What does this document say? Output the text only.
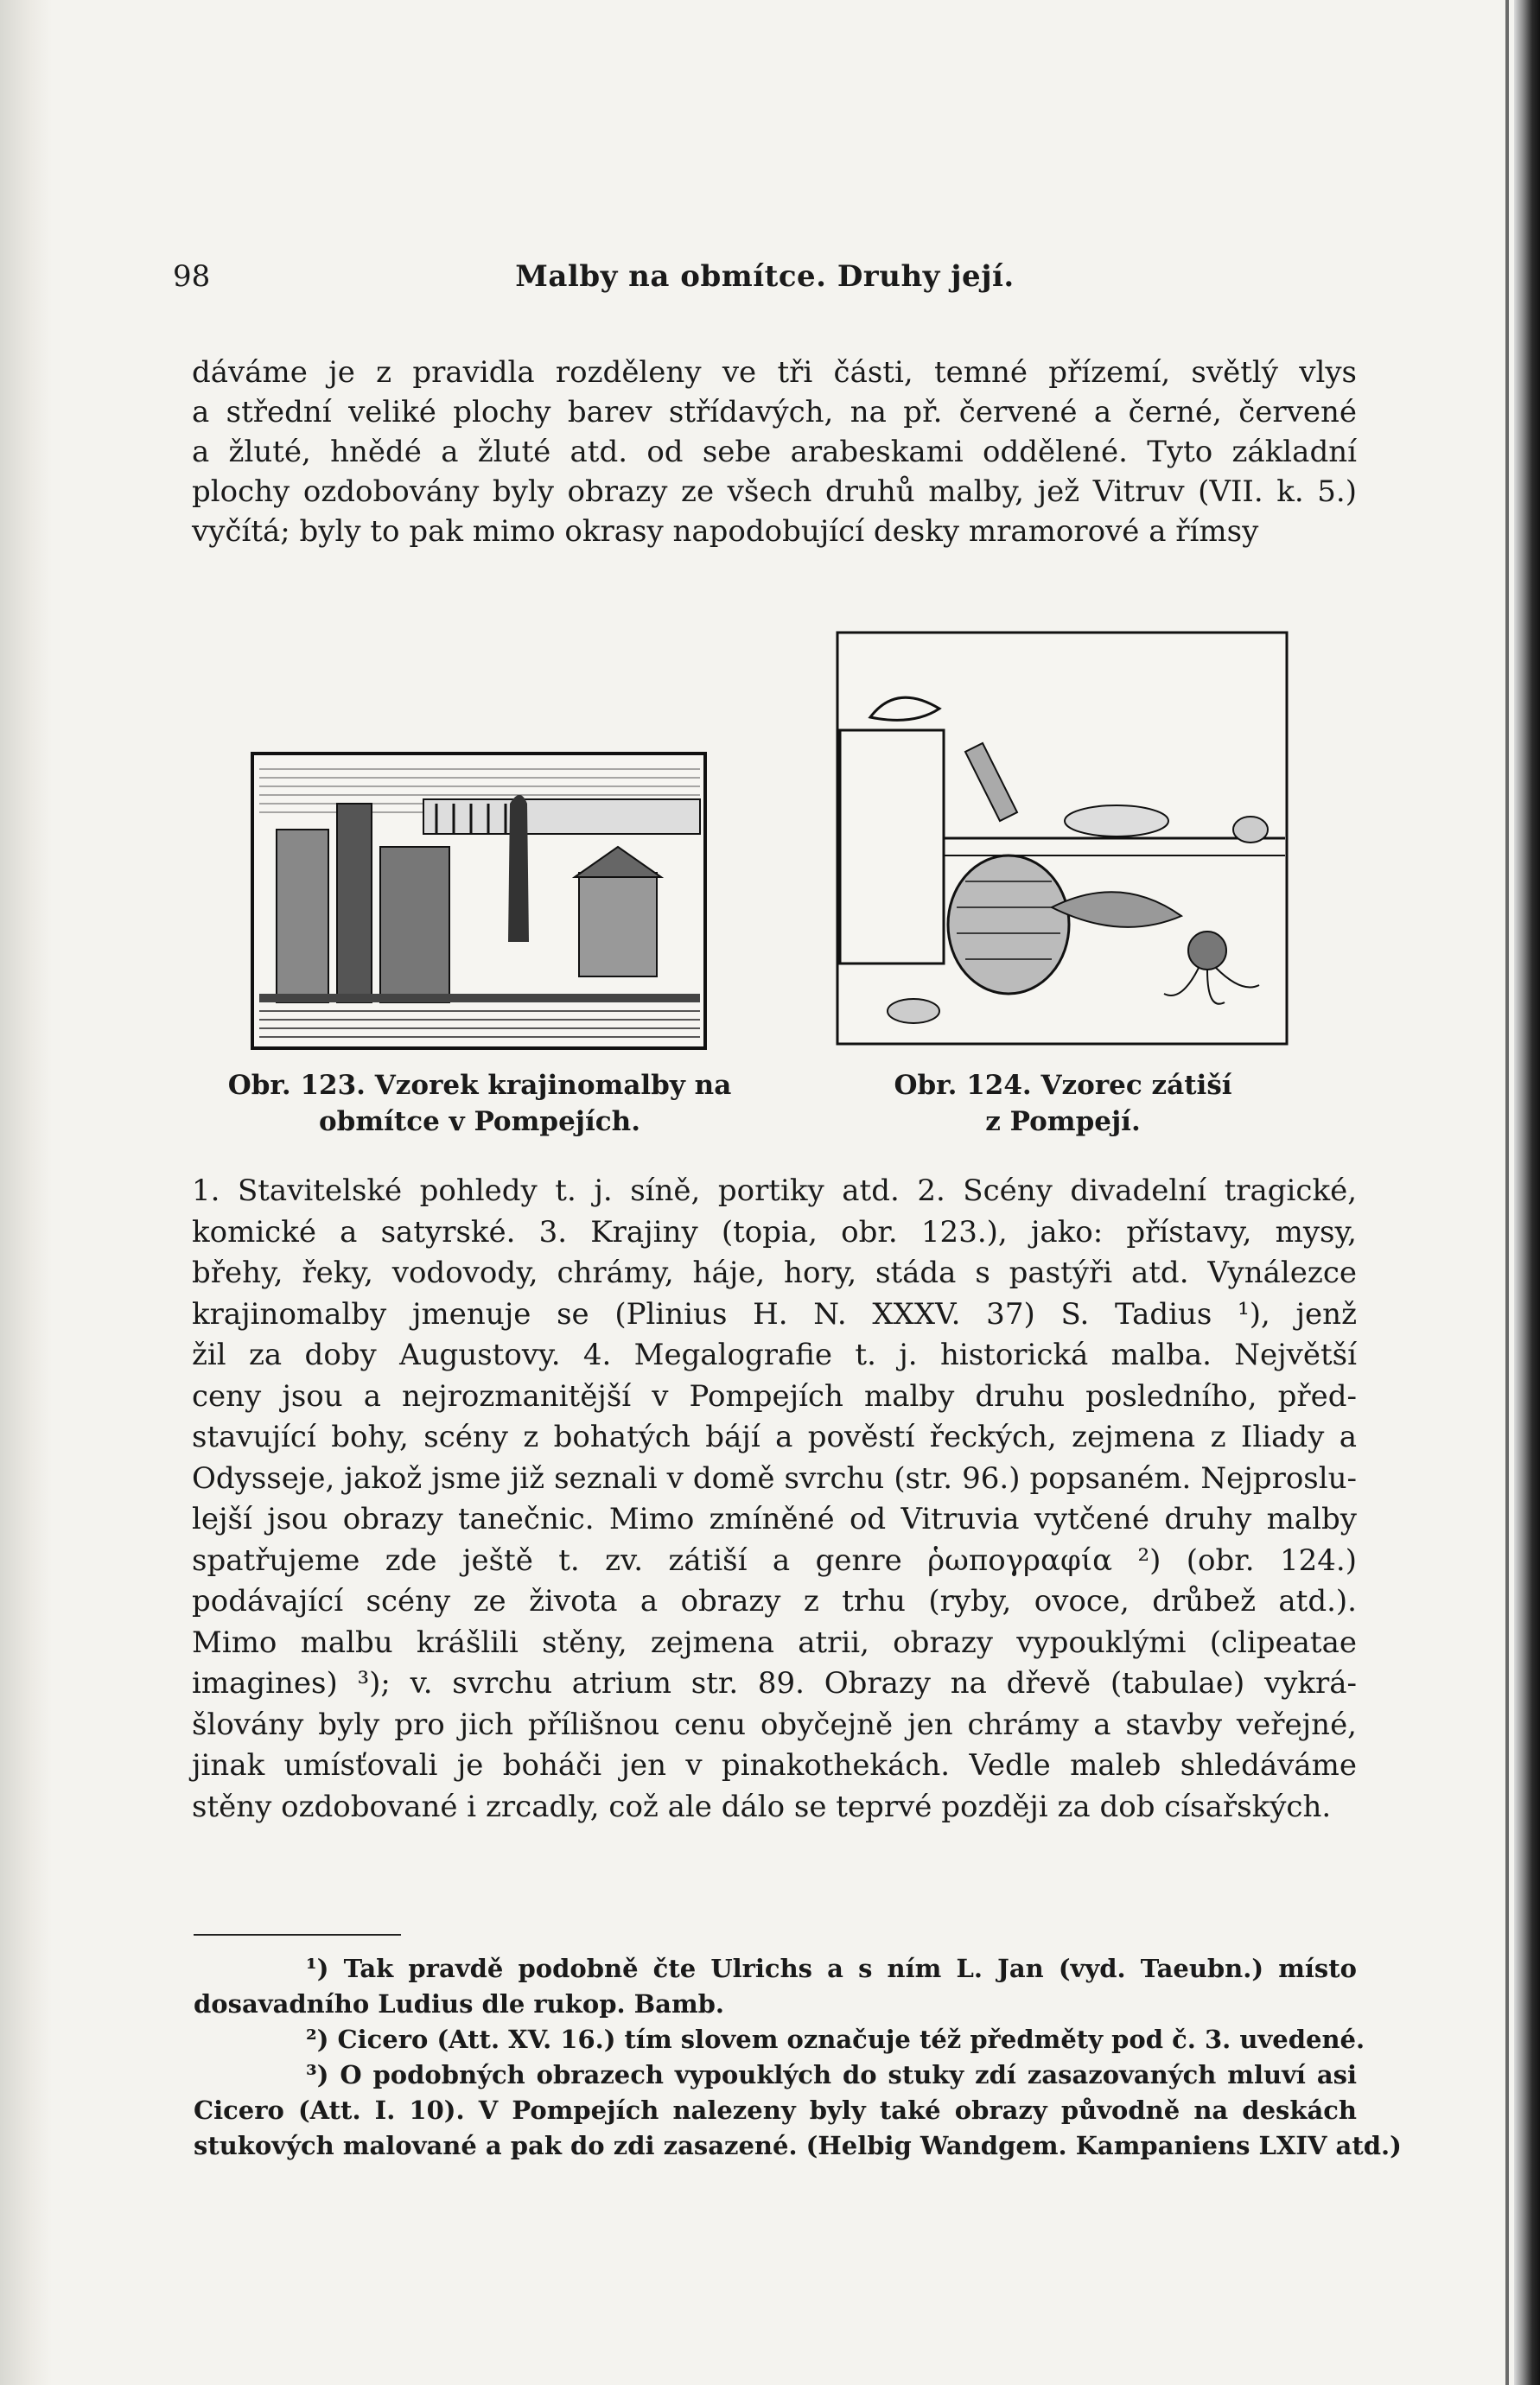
98	Malby na obmítce. Druhy její.
dáváme je z pravidla rozděleny ve tři části, temné přízemí, světlý vlys
a střední veliké plochy barev střídavých, na př. červené a černé, červené
a žluté, hnědé a žluté atd. od sebe arabeskami oddělené. Tyto základní
plochy ozdobovány byly obrazy ze všech druhů malby, jež Vitruv (VII. k. 5.)
vyčítá; byly to pak mimo okrasy napodobující desky mramorové a římsy
Obr. 123. Vzorek krajinomalby na
obmítce v Pompejích.
Obr. 124. Vzorec zátiší
z Pompejí.
1. Stavitelské pohledy t. j. síně, portiky atd. 2. Scény divadelní tragické,
komické a satyrské. 3. Krajiny (topia, obr. 123.), jako: přístavy, mysy,
břehy, řeky, vodovody, chrámy, háje, hory, stáda s pastýři atd. Vynálezce
krajinomalby jmenuje se (Plinius H. N. XXXV. 37) S. Tadius ¹), jenž
žil za doby Augustovy. 4. Megalografie t. j. historická malba. Největší
ceny jsou a nejrozmanitější v Pompejích malby druhu posledního, před-
stavující bohy, scény z bohatých bájí a pověstí řeckých, zejmena z Iliady a
Odysseje, jakož jsme již seznali v domě svrchu (str. 96.) popsaném. Nejproslu-
lejší jsou obrazy tanečnic. Mimo zmíněné od Vitruvia vytčené druhy malby
spatřujeme zde ještě t. zv. zátiší a genre ῥωπογραφία ²) (obr. 124.)
podávající scény ze života a obrazy z trhu (ryby, ovoce, drůbež atd.).
Mimo malbu krášlili stěny, zejmena atrii, obrazy vypouklými (clipeatae
imagines) ³); v. svrchu atrium str. 89. Obrazy na dřevě (tabulae) vykrá-
šlovány byly pro jich přílišnou cenu obyčejně jen chrámy a stavby veřejné,
jinak umísťovali je boháči jen v pinakothekách. Vedle maleb shledáváme
stěny ozdobované i zrcadly, což ale dálo se teprvé později za dob císařských.
¹) Tak pravdě podobně čte Ulrichs a s ním L. Jan (vyd. Taeubn.) místo
dosavadního Ludius dle rukop. Bamb.
²) Cicero (Att. XV. 16.) tím slovem označuje též předměty pod č. 3. uvedené.
³) O podobných obrazech vypouklých do stuky zdí zasazovaných mluví asi
Cicero (Att. I. 10). V Pompejích nalezeny byly také obrazy původně na deskách
stukových malované a pak do zdi zasazené. (Helbig Wandgem. Kampaniens LXIV atd.)
